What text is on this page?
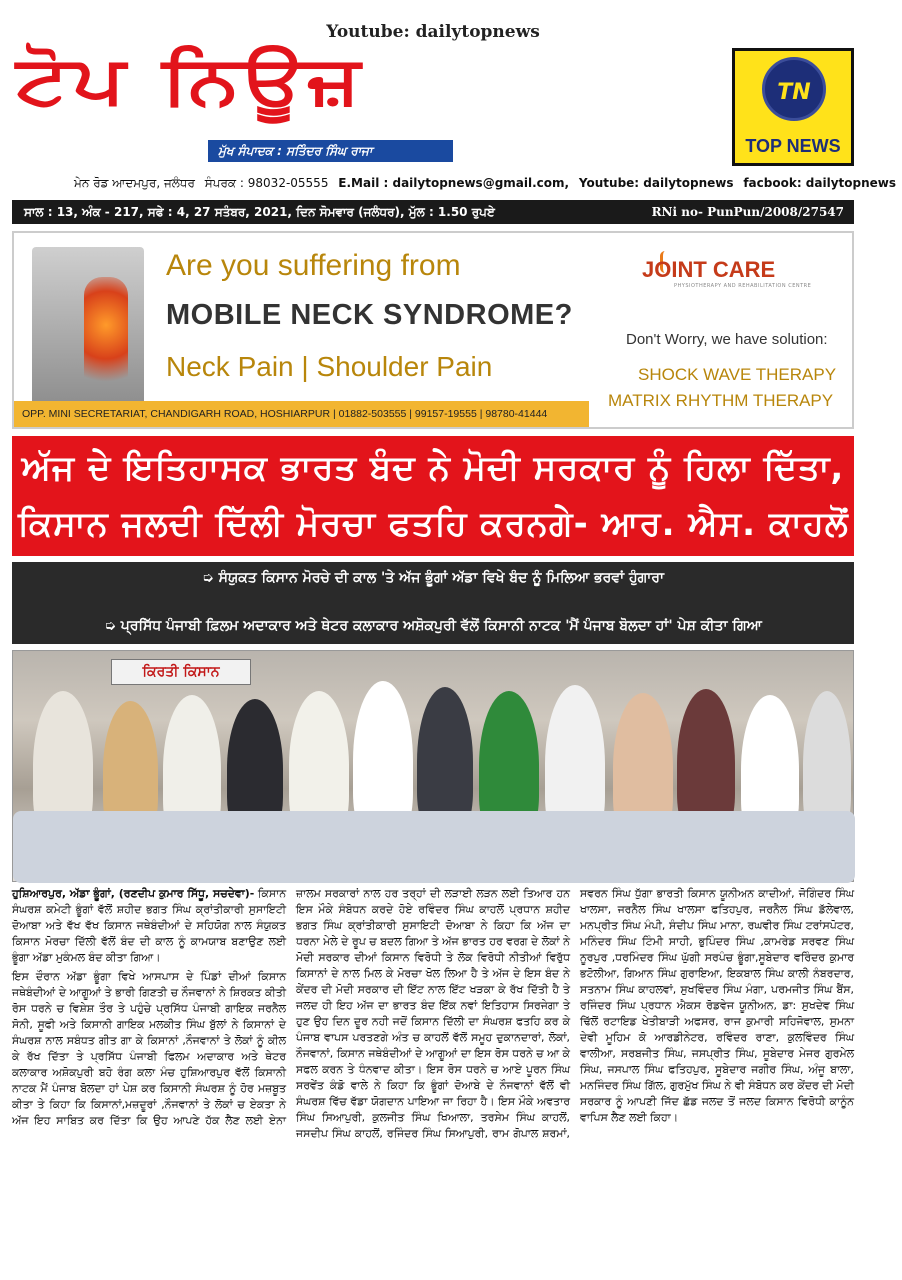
Youtube: dailytopnews
ਟੋਪ ਨਿਊਜ਼
ਮੁੱਖ ਸੰਪਾਦਕ : ਸਤਿੰਦਰ ਸਿੰਘ ਰਾਜਾ
TN
TOP NEWS
ਮੇਨ ਰੋਡ ਆਦਮਪੁਰ, ਜਲੰਧਰ ਸੰਪਰਕ : 98032-05555 E.Mail : dailytopnews@gmail.com, Youtube: dailytopnews facbook: dailytopnews
ਸਾਲ : 13, ਅੰਕ - 217, ਸਫੇ : 4, 27 ਸਤੰਬਰ, 2021, ਦਿਨ ਸੋਮਵਾਰ (ਜਲੰਧਰ), ਮੁੱਲ : 1.50 ਰੁਪਏ	RNi no- PunPun/2008/27547
Are you suffering from
MOBILE NECK SYNDROME?
Neck Pain | Shoulder Pain
JOINT CARE
PHYSIOTHERAPY AND REHABILITATION CENTRE
Don't Worry, we have solution:
SHOCK WAVE THERAPY
MATRIX RHYTHM THERAPY
OPP. MINI SECRETARIAT, CHANDIGARH ROAD, HOSHIARPUR | 01882-503555 | 99157-19555 | 98780-41444
ਅੱਜ ਦੇ ਇਤਿਹਾਸਕ ਭਾਰਤ ਬੰਦ ਨੇ ਮੋਦੀ ਸਰਕਾਰ ਨੂੰ ਹਿਲਾ ਦਿੱਤਾ,
ਕਿਸਾਨ ਜਲਦੀ ਦਿੱਲੀ ਮੋਰਚਾ ਫਤਹਿ ਕਰਨਗੇ- ਆਰ. ਐਸ. ਕਾਹਲੋਂ
➭ ਸੰਯੁਕਤ ਕਿਸਾਨ ਮੋਰਚੇ ਦੀ ਕਾਲ 'ਤੇ ਅੱਜ ਭੂੰਗਾਂ ਅੱਡਾ ਵਿਖੇ ਬੰਦ ਨੂੰ ਮਿਲਿਆ ਭਰਵਾਂ ਹੁੰਗਾਰਾ
➭ ਪ੍ਰਸਿੱਧ ਪੰਜਾਬੀ ਫ਼ਿਲਮ ਅਦਾਕਾਰ ਅਤੇ ਥੇਟਰ ਕਲਾਕਾਰ ਅਸ਼ੋਕਪੁਰੀ ਵੱਲੋਂ ਕਿਸਾਨੀ ਨਾਟਕ 'ਮੈਂ ਪੰਜਾਬ ਬੋਲਦਾ ਹਾਂ' ਪੇਸ਼ ਕੀਤਾ ਗਿਆ
ਕਿਰਤੀ ਕਿਸਾਨ

ਹੁਸ਼ਿਆਰਪੁਰ, ਅੱਡਾ ਭੂੰਗਾਂ, (ਰਣਦੀਪ ਕੁਮਾਰ ਸਿੱਧੂ, ਸਚਦੇਵਾ)- ਕਿਸਾਨ ਸੰਘਰਸ਼ ਕਮੇਟੀ ਭੂੰਗਾਂ ਵੱਲੋਂ ਸ਼ਹੀਦ ਭਗਤ ਸਿੰਘ ਕ੍ਰਾਂਤੀਕਾਰੀ ਸੁਸਾਇਟੀ ਦੋਆਬਾ ਅਤੇ ਵੱਖ ਵੱਖ ਕਿਸਾਨ ਜਥੇਬੰਦੀਆਂ ਦੇ ਸਹਿਯੋਗ ਨਾਲ ਸੰਯੁਕਤ ਕਿਸਾਨ ਮੋਰਚਾ ਦਿੱਲੀ ਵੱਲੋਂ ਬੰਦ ਦੀ ਕਾਲ ਨੂੰ ਕਾਮਯਾਬ ਬਣਾਉਣ ਲਈ ਭੂੰਗਾ ਅੱਡਾ ਮੁਕੰਮਲ ਬੰਦ ਕੀਤਾ ਗਿਆ।

ਇਸ ਦੌਰਾਨ ਅੱਡਾ ਭੂੰਗਾ ਵਿਖੇ ਆਸਪਾਸ ਦੇ ਪਿੰਡਾਂ ਦੀਆਂ ਕਿਸਾਨ ਜਥੇਬੰਦੀਆਂ ਦੇ ਆਗੂਆਂ ਤੇ ਭਾਰੀ ਗਿਣਤੀ ਚ ਨੌਜਵਾਨਾਂ ਨੇ ਸ਼ਿਰਕਤ ਕੀਤੀ ਰੋਸ ਧਰਨੇ ਚ ਵਿਸ਼ੇਸ਼ ਤੌਰ ਤੇ ਪਹੁੰਚੇ ਪ੍ਰਸਿੱਧ ਪੰਜਾਬੀ ਗਾਇਕ ਜਰਨੈਲ ਸੋਨੀ, ਸੂਫੀ ਅਤੇ ਕਿਸਾਨੀ ਗਾਇਕ ਮਲਕੀਤ ਸਿੰਘ ਬੁੱਲਾਂ ਨੇ ਕਿਸਾਨਾਂ ਦੇ ਸੰਘਰਸ਼ ਨਾਲ ਸਬੰਧਤ ਗੀਤ ਗਾ ਕੇ ਕਿਸਾਨਾਂ ,ਨੌਜਵਾਨਾਂ ਤੇ ਲੋਕਾਂ ਨੂੰ ਕੀਲ ਕੇ ਰੱਖ ਦਿੱਤਾ ਤੇ ਪ੍ਰਸਿੱਧ ਪੰਜਾਬੀ ਫਿਲਮ ਅਦਾਕਾਰ ਅਤੇ ਥੇਟਰ ਕਲਾਕਾਰ ਅਸ਼ੋਕਪੁਰੀ ਬਹੋ ਰੰਗ ਕਲਾ ਮੰਚ ਹੁਸ਼ਿਆਰਪੁਰ ਵੱਲੋਂ ਕਿਸਾਨੀ ਨਾਟਕ ਮੈਂ ਪੰਜਾਬ ਬੋਲਦਾ ਹਾਂ ਪੇਸ਼ ਕਰ ਕਿਸਾਨੀ ਸੰਘਰਸ਼ ਨੂੰ ਹੋਰ ਮਜ਼ਬੂਤ ਕੀਤਾ ਤੇ ਕਿਹਾ ਕਿ ਕਿਸਾਨਾਂ,ਮਜ਼ਦੂਰਾਂ ,ਨੌਜਵਾਨਾਂ ਤੇ ਲੋਕਾਂ ਚ ਏਕਤਾ ਨੇ ਅੱਜ ਇਹ ਸਾਬਿਤ ਕਰ ਦਿੱਤਾ ਕਿ ਉਹ ਆਪਣੇ ਹੱਕ ਲੈਣ ਲਈ ਏਨਾ ਜ਼ਾਲਮ ਸਰਕਾਰਾਂ ਨਾਲ ਹਰ ਤਰ੍ਹਾਂ ਦੀ ਲੜਾਈ ਲੜਨ ਲਈ ਤਿਆਰ ਹਨ ਇਸ ਮੌਕੇ ਸੰਬੋਧਨ ਕਰਦੇ ਹੋਏ ਰਵਿੰਦਰ ਸਿੰਘ ਕਾਹਲੋਂ ਪ੍ਰਧਾਨ ਸ਼ਹੀਦ ਭਗਤ ਸਿੰਘ ਕ੍ਰਾਂਤੀਕਾਰੀ ਸੁਸਾਇਟੀ ਦੋਆਬਾ ਨੇ ਕਿਹਾ ਕਿ ਅੱਜ ਦਾ ਧਰਨਾ ਮੇਲੇ ਦੇ ਰੂਪ ਚ ਬਦਲ ਗਿਆ ਤੇ ਅੱਜ ਭਾਰਤ ਹਰ ਵਰਗ ਦੇ ਲੋਕਾਂ ਨੇ ਮੋਦੀ ਸਰਕਾਰ ਦੀਆਂ ਕਿਸਾਨ ਵਿਰੋਧੀ ਤੇ ਲੋਕ ਵਿਰੋਧੀ ਨੀਤੀਆਂ ਵਿਰੁੱਧ ਕਿਸਾਨਾਂ ਦੇ ਨਾਲ ਮਿਲ ਕੇ ਮੋਰਚਾ ਖੋਲ ਲਿਆ ਹੈ ਤੇ ਅੱਜ ਦੇ ਇਸ ਬੰਦ ਨੇ ਕੇਂਦਰ ਦੀ ਮੋਦੀ ਸਰਕਾਰ ਦੀ ਇੱਟ ਨਾਲ ਇੱਟ ਖੜਕਾ ਕੇ ਰੱਖ ਦਿੱਤੀ ਹੈ ਤੇ ਜਲਦ ਹੀ ਇਹ ਅੱਜ ਦਾ ਭਾਰਤ ਬੰਦ ਇੱਕ ਨਵਾਂ ਇਤਿਹਾਸ ਸਿਰਜੇਗਾ ਤੇ ਹੁਣ ਉਹ ਦਿਨ ਦੂਰ ਨਹੀ ਜਦੋਂ ਕਿਸਾਨ ਦਿੱਲੀ ਦਾ ਸੰਘਰਸ਼ ਫਤਹਿ ਕਰ ਕੇ ਪੰਜਾਬ ਵਾਪਸ ਪਰਤਣਗੇ ਅੰਤ ਚ ਕਾਹਲੋਂ ਵੱਲੋਂ ਸਮੂਹ ਦੁਕਾਨਦਾਰਾਂ, ਲੋਕਾਂ, ਨੌਜਵਾਨਾਂ, ਕਿਸਾਨ ਜਥੇਬੰਦੀਆਂ ਦੇ ਆਗੂਆਂ ਦਾ ਇਸ ਰੋਸ ਧਰਨੇ ਚ ਆ ਕੇ ਸਫਲ ਕਰਨ ਤੇ ਧੰਨਵਾਦ ਕੀਤਾ। ਇਸ ਰੋਸ ਧਰਨੇ ਚ ਆਏ ਪੂਰਨ ਸਿੰਘ ਸਰਵੇਂਤ ਕੰਡੋ ਵਾਲੇ ਨੇ ਕਿਹਾ ਕਿ ਭੂੰਗਾਂ ਦੋਆਬੇ ਦੇ ਨੌਜਵਾਨਾਂ ਵੱਲੋਂ ਵੀ ਸੰਘਰਸ਼ ਵਿੱਚ ਵੱਡਾ ਯੋਗਦਾਨ ਪਾਇਆ ਜਾ ਰਿਹਾ ਹੈ। ਇਸ ਮੌਕੇ ਅਵਤਾਰ ਸਿੰਘ ਸਿਆਪੁਰੀ, ਕੁਲਜੀਤ ਸਿੰਘ ਖਿਆਲਾ, ਤਰਸੇਮ ਸਿੰਘ ਕਾਹਲੋਂ, ਜਸਦੀਪ ਸਿੰਘ ਕਾਹਲੋਂ, ਰਜਿੰਦਰ ਸਿੰਘ ਸਿਆਪੁਰੀ, ਰਾਮ ਗੋਪਾਲ ਸ਼ਰਮਾਂ, ਸਵਰਨ ਸਿੰਘ ਧੁੱਗਾ ਭਾਰਤੀ ਕਿਸਾਨ ਯੂਨੀਅਨ ਕਾਦੀਆਂ, ਜੋਗਿੰਦਰ ਸਿੰਘ ਖਾਲਸਾ, ਜਰਨੈਲ ਸਿੰਘ ਖਾਲਸਾ ਫਤਿਹਪੁਰ, ਜਰਨੈਲ ਸਿੰਘ ਡੱਲੇਵਾਲ, ਮਨਪ੍ਰੀਤ ਸਿੰਘ ਮੰਪੀ, ਸੰਦੀਪ ਸਿੰਘ ਮਾਨਾ, ਰਘਵੀਰ ਸਿੰਘ ਟਰਾਂਸਪੋਟਰ, ਮਨਿੰਦਰ ਸਿੰਘ ਟਿੰਮੀ ਸਾਹੀ, ਭੁਪਿੰਦਰ ਸਿੰਘ ,ਕਾਮਰੇਡ ਸਰਵਣ ਸਿੰਘ ਨੂਰਪੁਰ ,ਧਰਮਿੰਦਰ ਸਿੰਘ ਘੁੱਗੀ ਸਰਪੰਚ ਭੂੰਗਾ,ਸੂਬੇਦਾਰ ਵਰਿੰਦਰ ਕੁਮਾਰ ਭਟੋਲੀਆ, ਗਿਆਨ ਸਿੰਘ ਗੁਰਾਇਆ, ਇਕਬਾਲ ਸਿੰਘ ਕਾਲੀ ਨੰਬਰਦਾਰ, ਸਤਨਾਮ ਸਿੰਘ ਕਾਹਲਵਾਂ, ਸੁਖਵਿੰਦਰ ਸਿੰਘ ਮੰਗਾ, ਪਰਮਜੀਤ ਸਿੰਘ ਬੈਂਸ, ਰਜਿੰਦਰ ਸਿੰਘ ਪ੍ਰਧਾਨ ਐਕਸ ਰੋਡਵੇਜ ਯੂਨੀਅਨ, ਡਾ: ਸੁਖਦੇਵ ਸਿੰਘ ਢਿੱਲੋਂ ਰਟਾਇਡ ਖੇਤੀਬਾੜੀ ਅਫਸਰ, ਰਾਜ ਕੁਮਾਰੀ ਸਹਿਜੋਵਾਲ, ਸੁਮਨਾ ਦੇਵੀ ਮੂਹਿਮ ਕੋ ਆਰਡੀਨੇਟਰ, ਰਵਿੰਦਰ ਰਾਣਾ, ਕੁਲਵਿੰਦਰ ਸਿੰਘ ਵਾਲੀਆ, ਸਰਬਜੀਤ ਸਿੰਘ, ਜਸਪ੍ਰੀਤ ਸਿੰਘ, ਸੂਬੇਦਾਰ ਮੇਜਰ ਗੁਰਮੇਲ ਸਿੰਘ, ਜਸਪਾਲ ਸਿੰਘ ਫਤਿਹਪੁਰ, ਸੂਬੇਦਾਰ ਜਗੀਰ ਸਿੰਘ, ਅੰਜੂ ਬਾਲਾ, ਮਨਜਿੰਦਰ ਸਿੰਘ ਗਿੱਲ, ਗੁਰਮੁੱਖ ਸਿੰਘ ਨੇ ਵੀ ਸੰਬੋਧਨ ਕਰ ਕੇਂਦਰ ਦੀ ਮੋਦੀ ਸਰਕਾਰ ਨੂੰ ਆਪਣੀ ਜਿੱਦ ਛੱਡ ਜਲਦ ਤੋਂ ਜਲਦ ਕਿਸਾਨ ਵਿਰੋਧੀ ਕਾਨੂੰਨ ਵਾਪਿਸ ਲੈਣ ਲਈ ਕਿਹਾ।
